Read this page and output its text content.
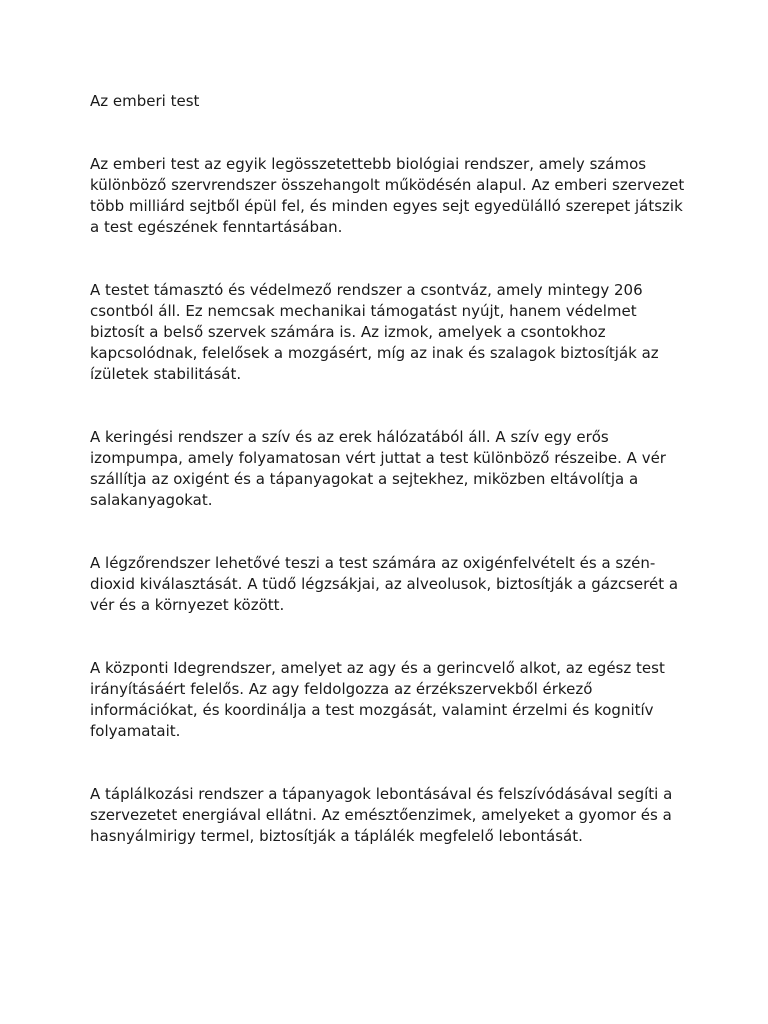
Az emberi test

Az emberi test az egyik legösszetettebb biológiai rendszer, amely számos különböző szervrendszer összehangolt működésén alapul. Az emberi szervezet több milliárd sejtből épül fel, és minden egyes sejt egyedülálló szerepet játszik a test egészének fenntartásában.

A testet támasztó és védelmező rendszer a csontváz, amely mintegy 206 csontból áll. Ez nemcsak mechanikai támogatást nyújt, hanem védelmet biztosít a belső szervek számára is. Az izmok, amelyek a csontokhoz kapcsolódnak, felelősek a mozgásért, míg az inak és szalagok biztosítják az ízületek stabilitását.

A keringési rendszer a szív és az erek hálózatából áll. A szív egy erős izompumpa, amely folyamatosan vért juttat a test különböző részeibe. A vér szállítja az oxigént és a tápanyagokat a sejtekhez, miközben eltávolítja a salakanyagokat.

A légzőrendszer lehetővé teszi a test számára az oxigénfelvételt és a szén-dioxid kiválasztását. A tüdő légzsákjai, az alveolusok, biztosítják a gázcserét a vér és a környezet között.

A központi Idegrendszer, amelyet az agy és a gerincvelő alkot, az egész test irányításáért felelős. Az agy feldolgozza az érzékszervekből érkező információkat, és koordinálja a test mozgását, valamint érzelmi és kognitív folyamatait.

A táplálkozási rendszer a tápanyagok lebontásával és felszívódásával segíti a szervezetet energiával ellátni. Az emésztőenzimek, amelyeket a gyomor és a hasnyálmirigy termel, biztosítják a táplálék megfelelő lebontását.
